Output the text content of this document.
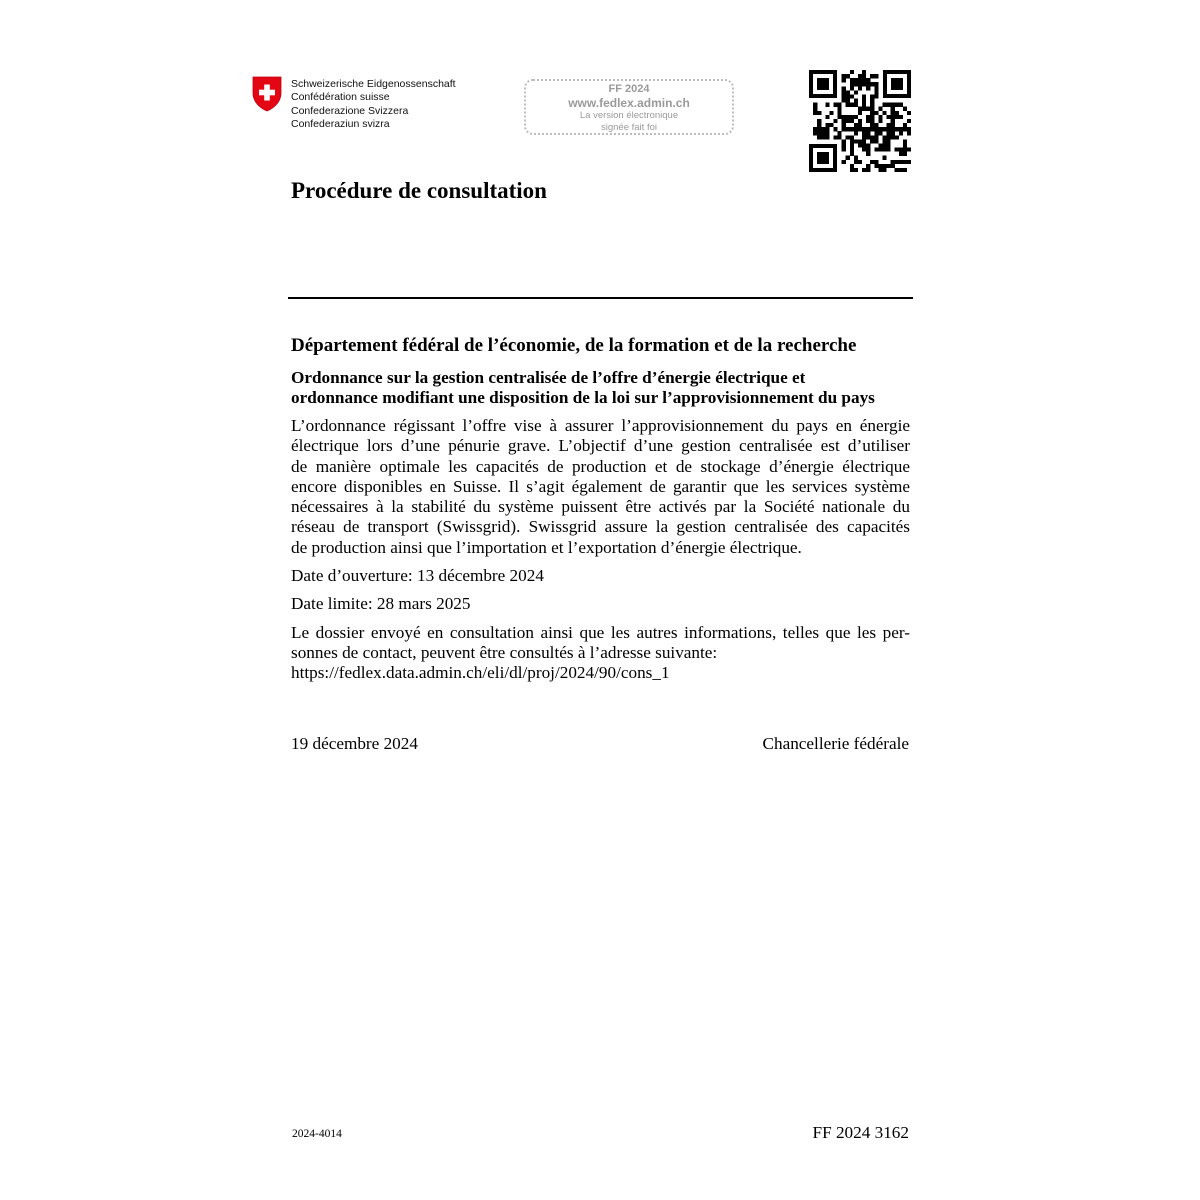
Schweizerische Eidgenossenschaft
Confédération suisse
Confederazione Svizzera
Confederaziun svizra
FF 2024
www.fedlex.admin.ch
La version électronique
signée fait foi
Procédure de consultation
Département fédéral de l’économie, de la formation et de la recherche
Ordonnance sur la gestion centralisée de l’offre d’énergie électrique et
ordonnance modifiant une disposition de la loi sur l’approvisionnement du pays
L’ordonnance régissant l’offre vise à assurer l’approvisionnement du pays en énergie
électrique lors d’une pénurie grave. L’objectif d’une gestion centralisée est d’utiliser
de manière optimale les capacités de production et de stockage d’énergie électrique
encore disponibles en Suisse. Il s’agit également de garantir que les services système
nécessaires à la stabilité du système puissent être activés par la Société nationale du
réseau de transport (Swissgrid). Swissgrid assure la gestion centralisée des capacités
de production ainsi que l’importation et l’exportation d’énergie électrique.

Date d’ouverture: 13 décembre 2024

Date limite: 28 mars 2025

Le dossier envoyé en consultation ainsi que les autres informations, telles que les per-
sonnes de contact, peuvent être consultés à l’adresse suivante:
https://fedlex.data.admin.ch/eli/dl/proj/2024/90/cons_1
19 décembre 2024	Chancellerie fédérale
2024-4014	FF 2024 3162
